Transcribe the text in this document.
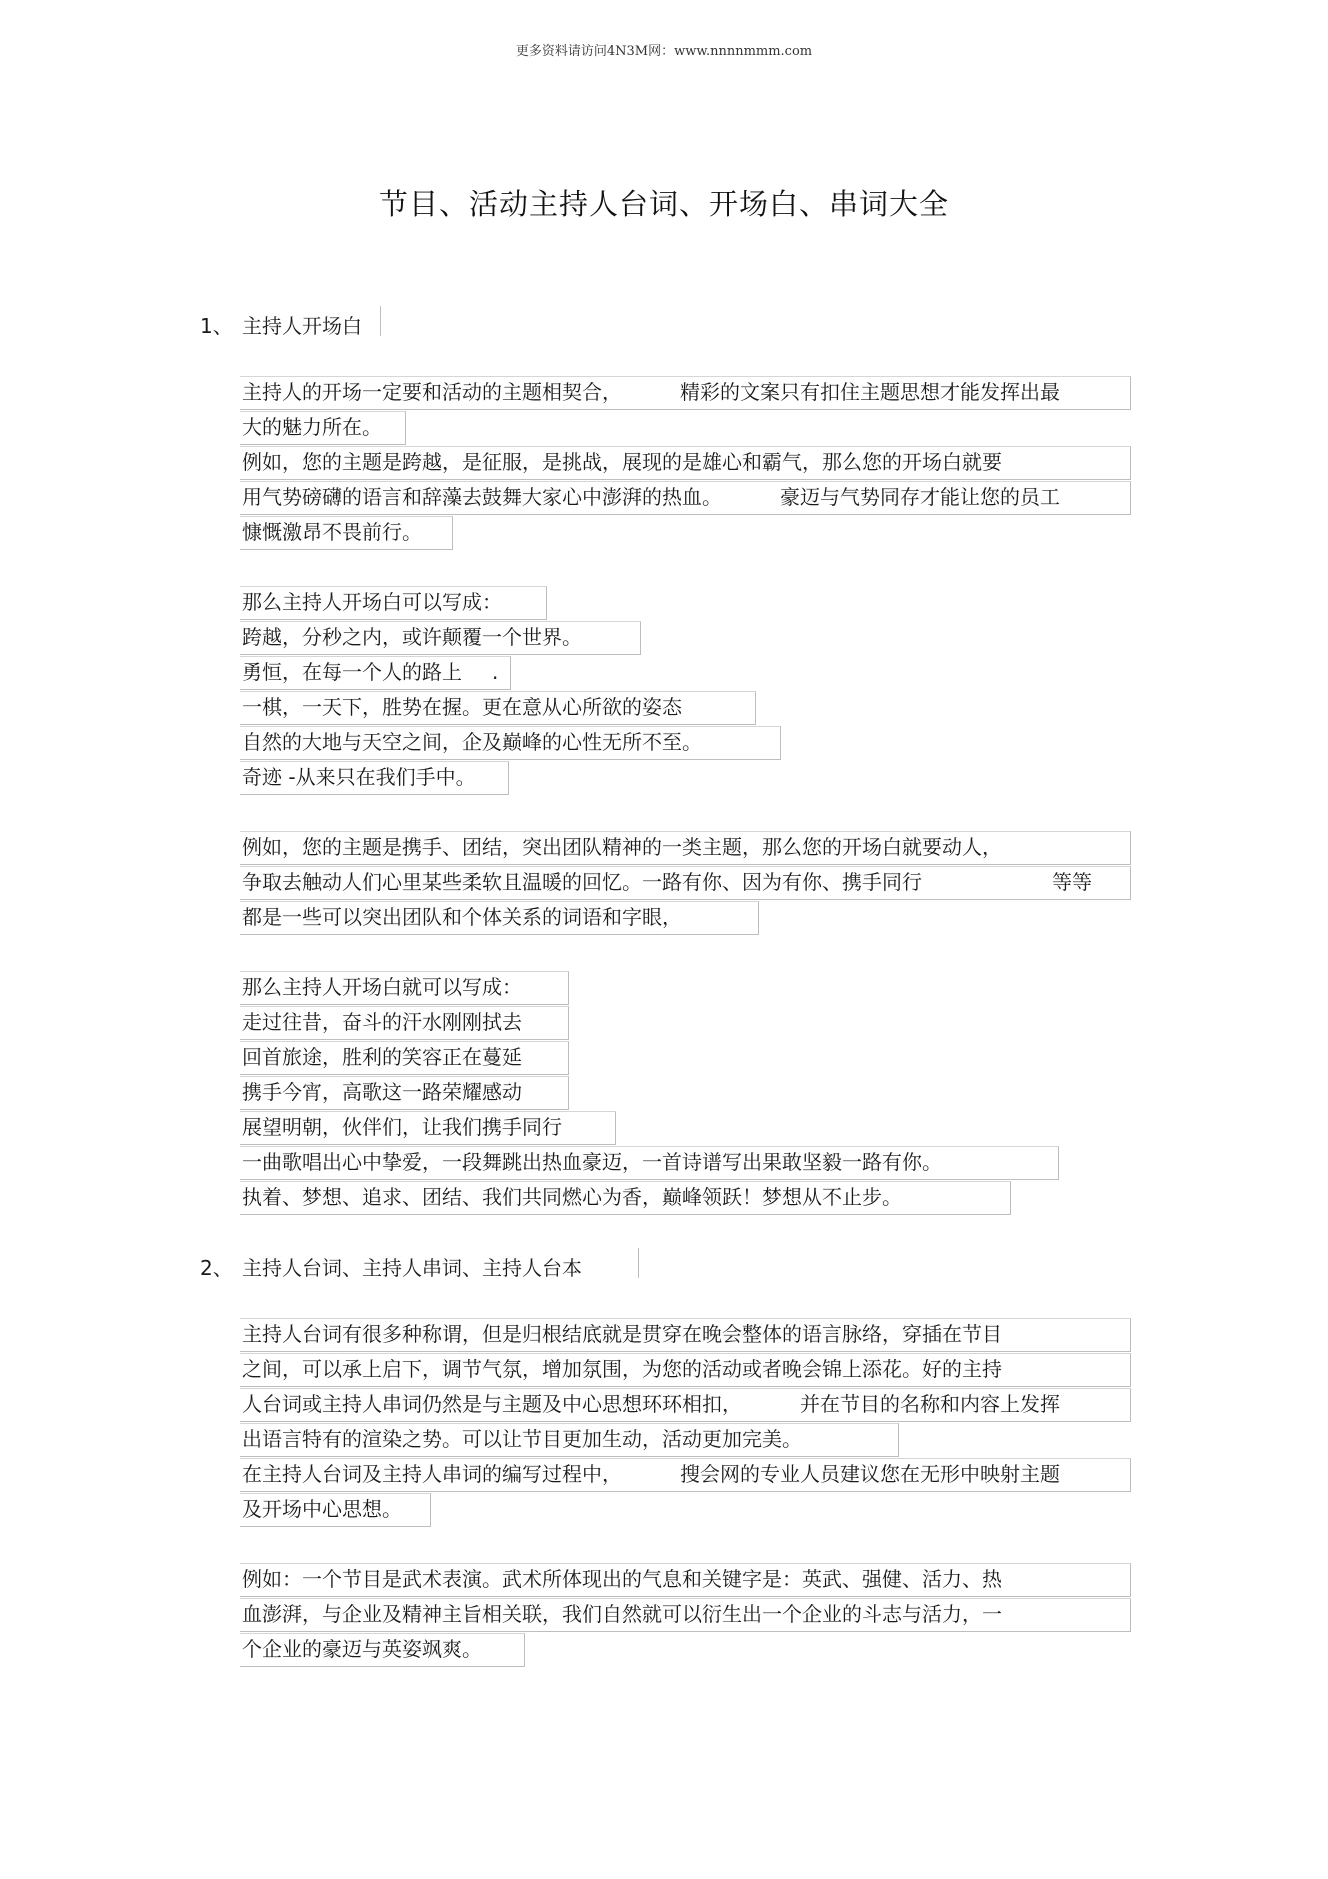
更多资料请访问4N3M网：www.nnnnmmm.com
节目、活动主持人台词、开场白、串词大全
1、 主持人开场白
主持人的开场一定要和活动的主题相契合，	精彩的文案只有扣住主题思想才能发挥出最
大的魅力所在。
例如，您的主题是跨越，是征服，是挑战，展现的是雄心和霸气，那么您的开场白就要
用气势磅礴的语言和辞藻去鼓舞大家心中澎湃的热血。	豪迈与气势同存才能让您的员工
慷慨激昂不畏前行。
那么主持人开场白可以写成：
跨越，分秒之内，或许颠覆一个世界。
勇恒，在每一个人的路上 .
一棋，一天下，胜势在握。更在意从心所欲的姿态
自然的大地与天空之间，企及巅峰的心性无所不至。
奇迹 -从来只在我们手中。
例如，您的主题是携手、团结，突出团队精神的一类主题，那么您的开场白就要动人，
争取去触动人们心里某些柔软且温暖的回忆。一路有你、因为有你、携手同行	等等
都是一些可以突出团队和个体关系的词语和字眼，
那么主持人开场白就可以写成：
走过往昔，奋斗的汗水刚刚拭去
回首旅途，胜利的笑容正在蔓延
携手今宵，高歌这一路荣耀感动
展望明朝，伙伴们，让我们携手同行
一曲歌唱出心中挚爱，一段舞跳出热血豪迈，一首诗谱写出果敢坚毅一路有你。
执着、梦想、追求、团结、我们共同燃心为香，巅峰领跃！梦想从不止步。
2、 主持人台词、主持人串词、主持人台本
主持人台词有很多种称谓，但是归根结底就是贯穿在晚会整体的语言脉络，穿插在节目
之间，可以承上启下，调节气氛，增加氛围，为您的活动或者晚会锦上添花。好的主持
人台词或主持人串词仍然是与主题及中心思想环环相扣，	并在节目的名称和内容上发挥
出语言特有的渲染之势。可以让节目更加生动，活动更加完美。
在主持人台词及主持人串词的编写过程中，	搜会网的专业人员建议您在无形中映射主题
及开场中心思想。
例如：一个节目是武术表演。武术所体现出的气息和关键字是：英武、强健、活力、热
血澎湃，与企业及精神主旨相关联，我们自然就可以衍生出一个企业的斗志与活力，一
个企业的豪迈与英姿飒爽。
